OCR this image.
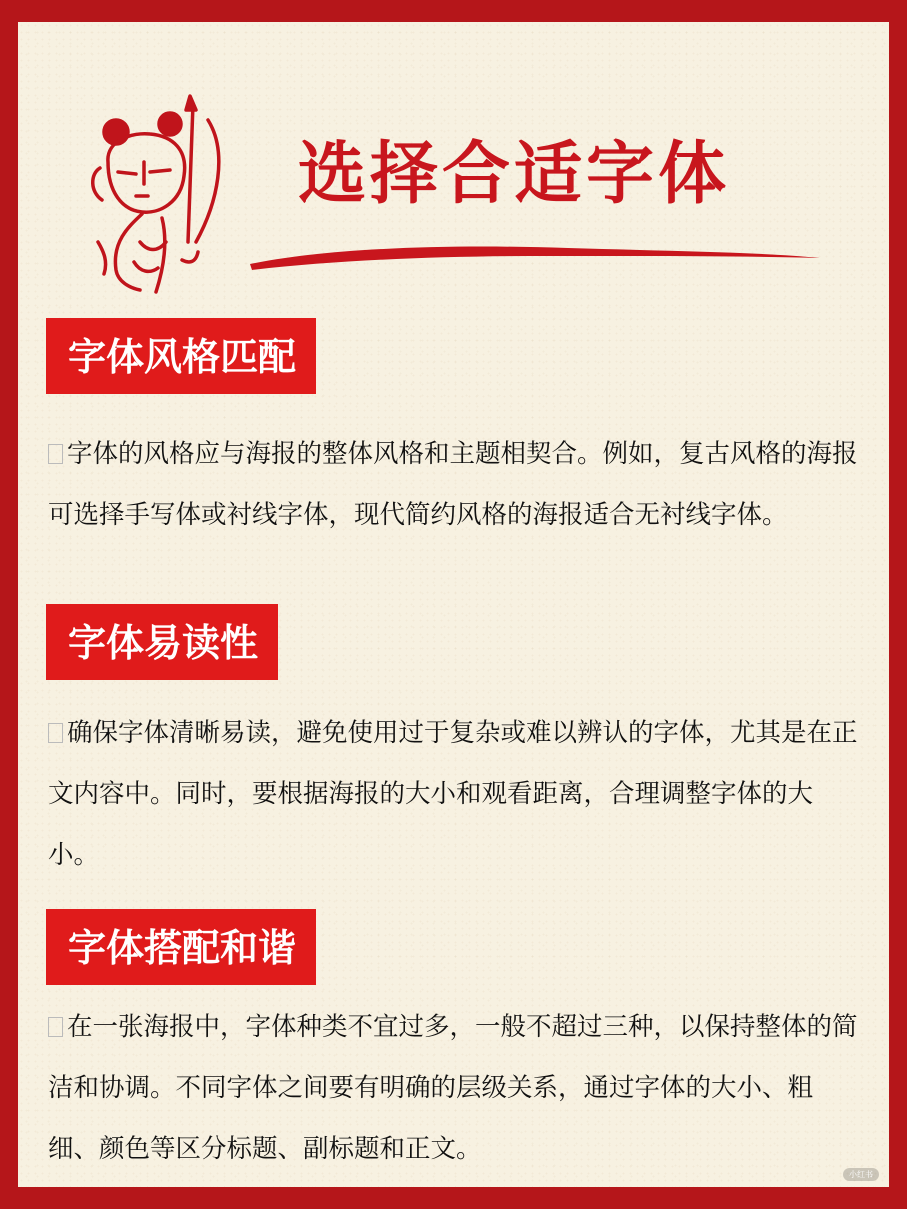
选择合适字体
字体风格匹配

字体的风格应与海报的整体风格和主题相契合。例如，复古风格的海报可选择手写体或衬线字体，现代简约风格的海报适合无衬线字体。

字体易读性

确保字体清晰易读，避免使用过于复杂或难以辨认的字体，尤其是在正文内容中。同时，要根据海报的大小和观看距离，合理调整字体的大小。

字体搭配和谐

在一张海报中，字体种类不宜过多，一般不超过三种，以保持整体的简洁和协调。不同字体之间要有明确的层级关系，通过字体的大小、粗细、颜色等区分标题、副标题和正文。

小红书
